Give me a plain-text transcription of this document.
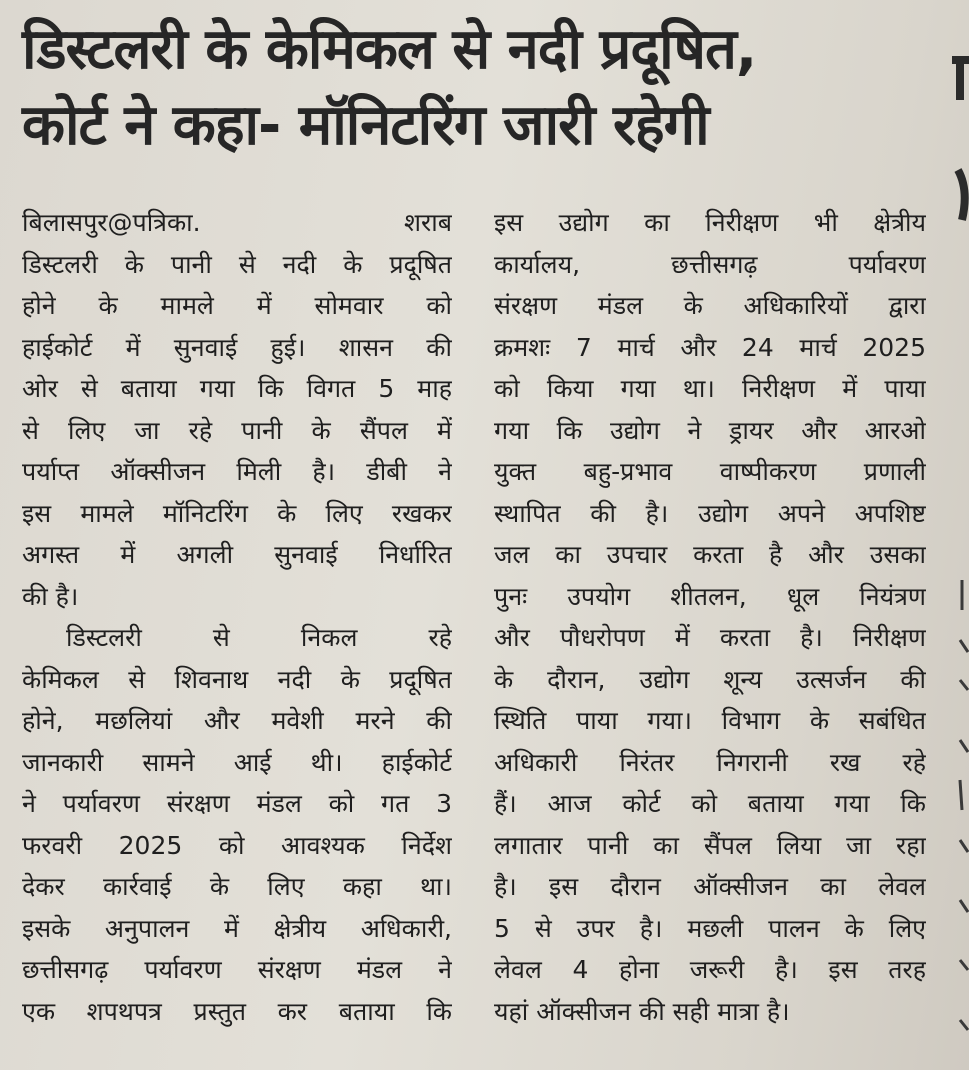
डिस्टलरी के केमिकल से नदी प्रदूषित,
कोर्ट ने कहा- मॉनिटरिंग जारी रहेगी
बिलासपुर@पत्रिका. शराब
डिस्टलरी के पानी से नदी के प्रदूषित
होने के मामले में सोमवार को
हाईकोर्ट में सुनवाई हुई। शासन की
ओर से बताया गया कि विगत 5 माह
से लिए जा रहे पानी के सैंपल में
पर्याप्त ऑक्सीजन मिली है। डीबी ने
इस मामले मॉनिटरिंग के लिए रखकर
अगस्त में अगली सुनवाई निर्धारित
की है।
डिस्टलरी से निकल रहे
केमिकल से शिवनाथ नदी के प्रदूषित
होने, मछलियां और मवेशी मरने की
जानकारी सामने आई थी। हाईकोर्ट
ने पर्यावरण संरक्षण मंडल को गत 3
फरवरी 2025 को आवश्यक निर्देश
देकर कार्रवाई के लिए कहा था।
इसके अनुपालन में क्षेत्रीय अधिकारी,
छत्तीसगढ़ पर्यावरण संरक्षण मंडल ने
एक शपथपत्र प्रस्तुत कर बताया कि
इस उद्योग का निरीक्षण भी क्षेत्रीय
कार्यालय, छत्तीसगढ़ पर्यावरण
संरक्षण मंडल के अधिकारियों द्वारा
क्रमशः 7 मार्च और 24 मार्च 2025
को किया गया था। निरीक्षण में पाया
गया कि उद्योग ने ड्रायर और आरओ
युक्त बहु-प्रभाव वाष्पीकरण प्रणाली
स्थापित की है। उद्योग अपने अपशिष्ट
जल का उपचार करता है और उसका
पुनः उपयोग शीतलन, धूल नियंत्रण
और पौधरोपण में करता है। निरीक्षण
के दौरान, उद्योग शून्य उत्सर्जन की
स्थिति पाया गया। विभाग के सबंधित
अधिकारी निरंतर निगरानी रख रहे
हैं। आज कोर्ट को बताया गया कि
लगातार पानी का सैंपल लिया जा रहा
है। इस दौरान ऑक्सीजन का लेवल
5 से उपर है। मछली पालन के लिए
लेवल 4 होना जरूरी है। इस तरह
यहां ऑक्सीजन की सही मात्रा है।
